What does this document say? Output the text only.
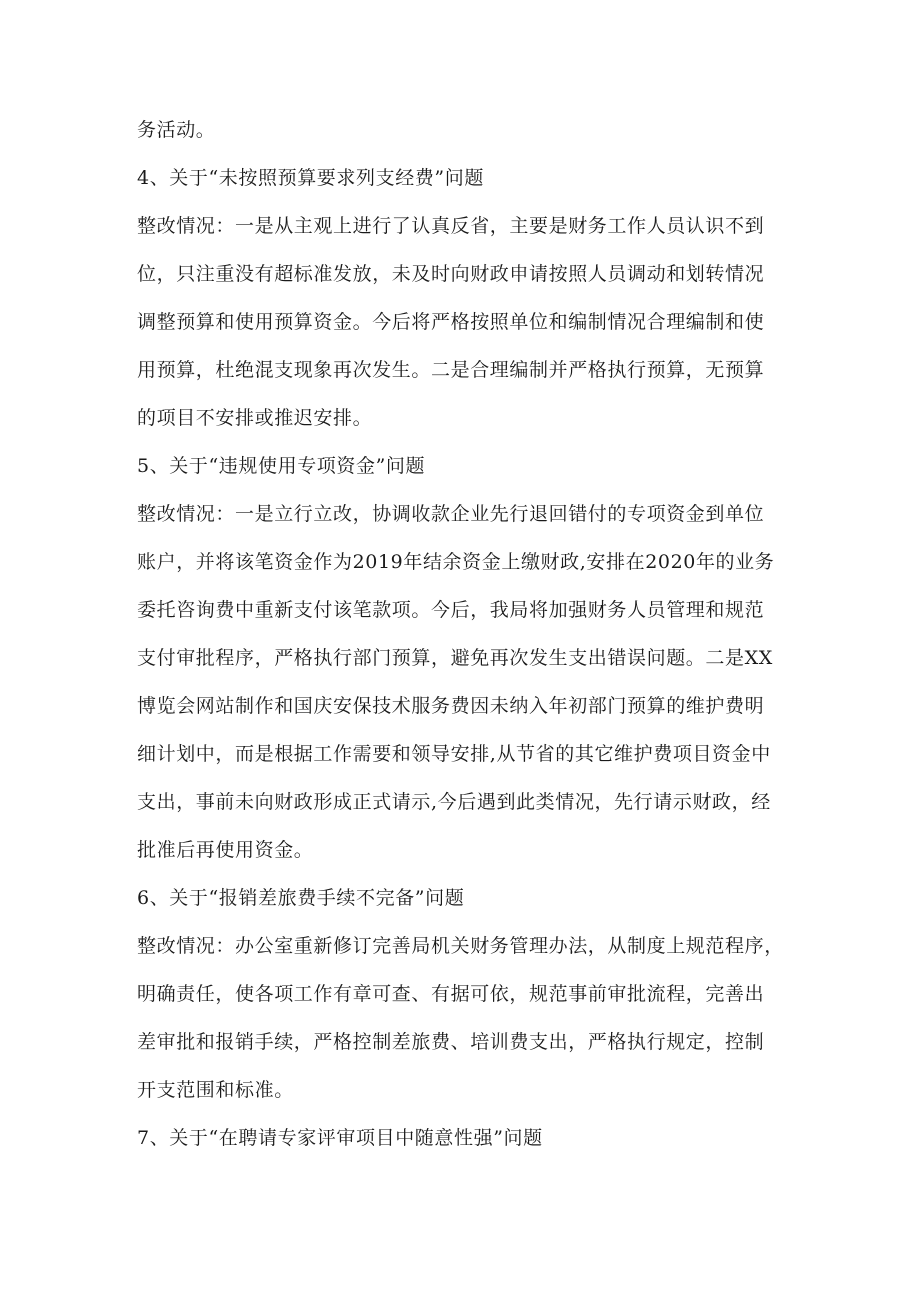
务活动。
4、关于“未按照预算要求列支经费”问题
整改情况：一是从主观上进行了认真反省，主要是财务工作人员认识不到
位，只注重没有超标准发放，未及时向财政申请按照人员调动和划转情况
调整预算和使用预算资金。今后将严格按照单位和编制情况合理编制和使
用预算，杜绝混支现象再次发生。二是合理编制并严格执行预算，无预算
的项目不安排或推迟安排。
5、关于“违规使用专项资金”问题
整改情况：一是立行立改，协调收款企业先行退回错付的专项资金到单位
账户，并将该笔资金作为2019年结余资金上缴财政,安排在2020年的业务
委托咨询费中重新支付该笔款项。今后，我局将加强财务人员管理和规范
支付审批程序，严格执行部门预算，避免再次发生支出错误问题。二是XX
博览会网站制作和国庆安保技术服务费因未纳入年初部门预算的维护费明
细计划中，而是根据工作需要和领导安排,从节省的其它维护费项目资金中
支出，事前未向财政形成正式请示,今后遇到此类情况，先行请示财政，经
批准后再使用资金。
6、关于“报销差旅费手续不完备”问题
整改情况：办公室重新修订完善局机关财务管理办法，从制度上规范程序，
明确责任，使各项工作有章可查、有据可依，规范事前审批流程，完善出
差审批和报销手续，严格控制差旅费、培训费支出，严格执行规定，控制
开支范围和标准。
7、关于“在聘请专家评审项目中随意性强”问题
